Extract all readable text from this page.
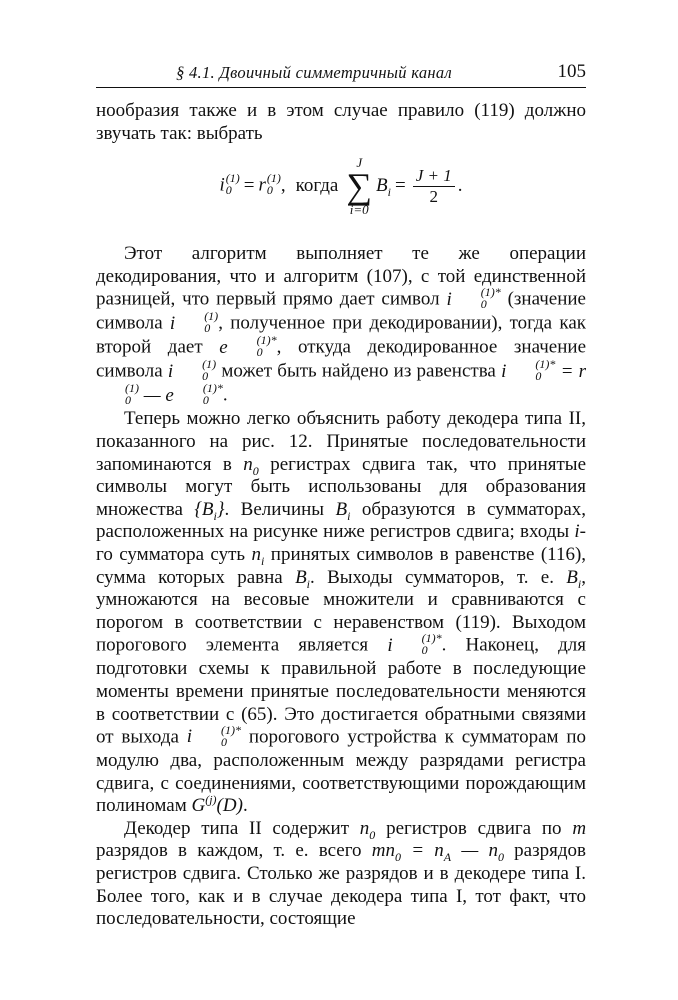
§ 4.1. Двоичный симметричный канал	105

нообразия также и в этом случае правило (119) должно звучать так: выбрать

i (1)
0 = r (1)
0 , когда
J
∑
i=0
$B_i = \frac{J + 1}{2}$ .

Этот алгоритм выполняет те же операции декодирования, что и алгоритм (107), с той единственной разницей, что первый прямо дает символ i	(1)*
0	(значение символа i	(1)
0 , полученное при декодировании), тогда как второй дает e	(1)*
0 , откуда декодированное значение символа i	(1)
0 может быть найдено из равенства i	(1)*
0 = r
(1)
0 — e	(1)*
0 .

Теперь можно легко объяснить работу декодера типа II, показанного на рис. 12. Принятые последовательности запоминаются в $n_0$ регистрах сдвига так, что принятые символы могут быть использованы для образования множества $\{B_i\}$. Величины $B_i$ образуются в сумматорах, расположенных на рисунке ниже регистров сдвига; входы i-го сумматора суть $n_i$ принятых символов в равенстве (116), сумма которых равна $B_i$. Выходы сумматоров, т. е. $B_i$, умножаются на весовые множители и сравниваются с порогом в соответствии с неравенством (119). Выходом порогового элемента является i	(1)*
0 . Наконец, для подготовки схемы к правильной работе в последующие моменты времени принятые последовательности меняются в соответствии с (65). Это достигается обратными связями от выхода i	(1)*
0	порогового устройства к сумматорам по модулю два, расположенным между разрядами регистра сдвига, с соединениями, соответствующими порождающим полиномам $G^{(j)}(D)$.

Декодер типа II содержит $n_0$ регистров сдвига по m разрядов в каждом, т. е. всего $mn_0 = n_A$ — $n_0$ разрядов регистров сдвига. Столько же разрядов и в декодере типа I. Более того, как и в случае декодера типа I, тот факт, что последовательности, состоящие
